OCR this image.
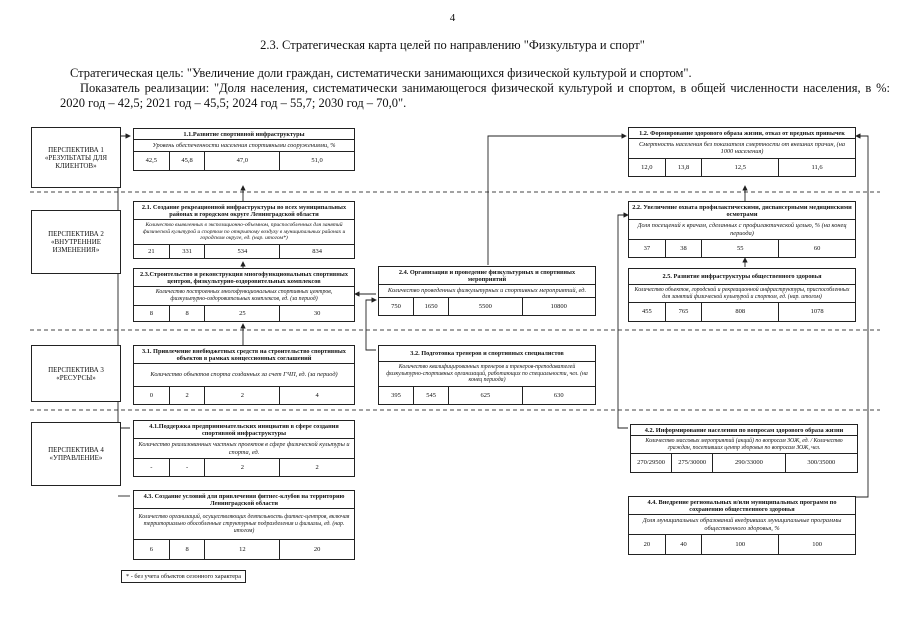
4
2.3. Стратегическая карта целей по направлению "Физкультура и спорт"
Стратегическая цель: "Увеличение доли граждан, систематически занимающихся физической культурой и спортом".
Показатель реализации: "Доля населения, систематически занимающегося физической культурой и спортом, в общей численности населения, в %: 2020 год – 42,5; 2021 год – 45,5; 2024 год – 55,7; 2030 год – 70,0".
ПЕРСПЕКТИВА 1 «РЕЗУЛЬТАТЫ ДЛЯ КЛИЕНТОВ»
ПЕРСПЕКТИВА 2 «ВНУТРЕННИЕ ИЗМЕНЕНИЯ»
ПЕРСПЕКТИВА 3 «РЕСУРСЫ»
ПЕРСПЕКТИВА 4 «УПРАВЛЕНИЕ»
1.1.Развитие спортивной инфраструктуры
Уровень обеспеченности населения спортивными сооружениями, %
42,5	45,8	47,0	51,0
1.2. Формирование здорового образа жизни, отказ от вредных привычек
Смертность населения без показателя смертности от внешних причин, (на 1000 населения)
12,0	13,8	12,5	11,6
2.1. Создание рекреационной инфраструктуры во всех муниципальных районах и городском округе Ленинградской области
Количество выявленных в экспозиционно-объемном, приспособленных для занятий физической культурой и спортом по открытому воздуху в муниципальных районах и городском округе, ед. (нар. итогом*)
21	331	534	834
2.2. Увеличение охвата профилактическими, диспансерными медицинскими осмотрами
Доля посещений к врачам, сделанных с профилактической целью, % (на конец периода)
37	38	55	60
2.3.Строительство и реконструкция многофункциональных спортивных центров, физкультурно-оздоровительных комплексов
Количество построенных многофункциональных спортивных центров, физкультурно-оздоровительных комплексов, ед. (за период)
8	8	25	30
2.4. Организация и проведение физкультурных и спортивных мероприятий
Количество проведенных физкультурных и спортивных мероприятий, ед.
750	1650	5500	10800
2.5. Развитие инфраструктуры общественного здоровья
Количество объектов, городской и рекреационной инфраструктуры, приспособленных для занятий физической культурой и спортом, ед. (нар. итогом)
455	765	808	1078
3.1. Привлечение внебюджетных средств на строительство спортивных объектов в рамках концессионных соглашений
Количество объектов спорта созданных за счет ГЧП, ед. (за период)
0	2	2	4
3.2. Подготовка тренеров и спортивных специалистов
Количество квалифицированных тренеров и тренеров-преподавателей физкультурно-спортивных организаций, работающих по специальности, чел. (на конец периода)
395	545	625	630
4.1.Поддержка предпринимательских инициатив в сфере создания спортивной инфраструктуры
Количество реализованных частных проектов в сфере физической культуры и спорта, ед.
-	-	2	2
4.2. Информирование населения по вопросам здорового образа жизни
Количество массовых мероприятий (акций) по вопросам ЗОЖ, ед. / Количество граждан, посетивших центр здоровья по вопросам ЗОЖ, чел.
270/29500	275/30000	290/33000	300/35000
4.3. Создание условий для привлечения фитнес-клубов на территорию Ленинградской области
Количество организаций, осуществляющих деятельность фитнес-центров, включая территориально обособленные структурные подразделения и филиалы, ед. (нар. итогом)
6	8	12	20
4.4. Внедрение региональных и/или муниципальных программ по сохранению общественного здоровья
Доля муниципальных образований внедривших муниципальные программы общественного здоровья, %
20	40	100	100
* - без учета объектов сезонного характера
